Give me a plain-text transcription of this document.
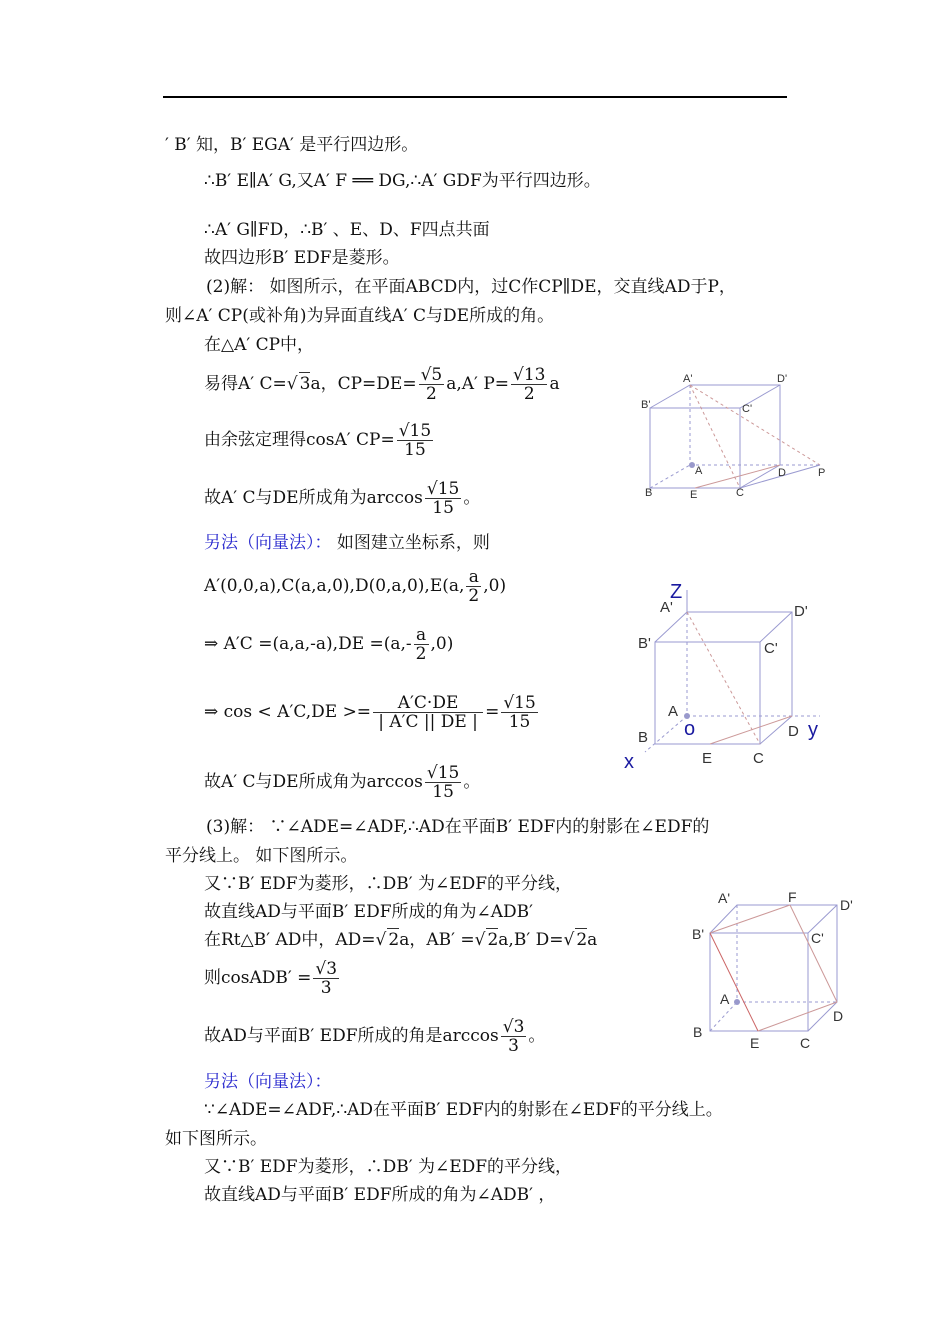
′ B′ 知，B′ EGA′ 是平行四边形。
∴B′ E∥A′ G,又A′ F ══ DG,∴A′ GDF为平行四边形。
∴A′ G∥FD，∴B′ 、E、D、F四点共面
故四边形B′ EDF是菱形。
(2)解： 如图所示，在平面ABCD内，过C作CP∥DE，交直线AD于P，
则∠A′ CP(或补角)为异面直线A′ C与DE所成的角。
在△A′ CP中，
易得A′ C=√ 3a，$CP=DE= \frac{√5}{2} a,A'$ $P= \frac{√13}{2}$ a
由余弦定理得cosA′ $CP= \frac{√15}{15}$
故A′ C与DE所成角为$\arccos \frac{√15}{15}$ 。
另法（向量法）： 如图建立坐标系，则
A′(0,0,a),C(a,a,0),D(0,a,0),E(a, $\frac{a}{2} ,0$)
⇒ $A'C =(a,a,-a),DE =(a,- \frac{a}{2} ,0)$
⇒ $\cos < A'C,DE >= \frac{A'C\cdot DE}{| A'C || DE |} = \frac{√15}{15}$
故A′ C与DE所成角为$\arccos \frac{√15}{15}$ 。
(3)解： ∵∠ADE=∠ADF,∴AD在平面B′ EDF内的射影在∠EDF的
平分线上。 如下图所示。
又∵B′ EDF为菱形，∴DB′ 为∠EDF的平分线，
故直线AD与平面B′ EDF所成的角为∠ADB′
在Rt△B′ AD中，AD=√ 2a，AB′ =√ 2a,B′ D=√ 2a
则cosADB′ = $\frac{√3}{3}$
故AD与平面B′ EDF所成的角是$\arccos \frac{√3}{3}$ 。
另法（向量法）：
∵∠ADE=∠ADF,∴AD在平面B′ EDF内的射影在∠EDF的平分线上。
如下图所示。
又∵B′ EDF为菱形，∴DB′ 为∠EDF的平分线，
故直线AD与平面B′ EDF所成的角为∠ADB′ ，
A'	D'
B'	C'
A	D	P
B	E	C
Z
A'	D'
B'	C'
A
o	D y
B
x	E	C
A'	F	D'
B'	C'
A
D
B
E	C
